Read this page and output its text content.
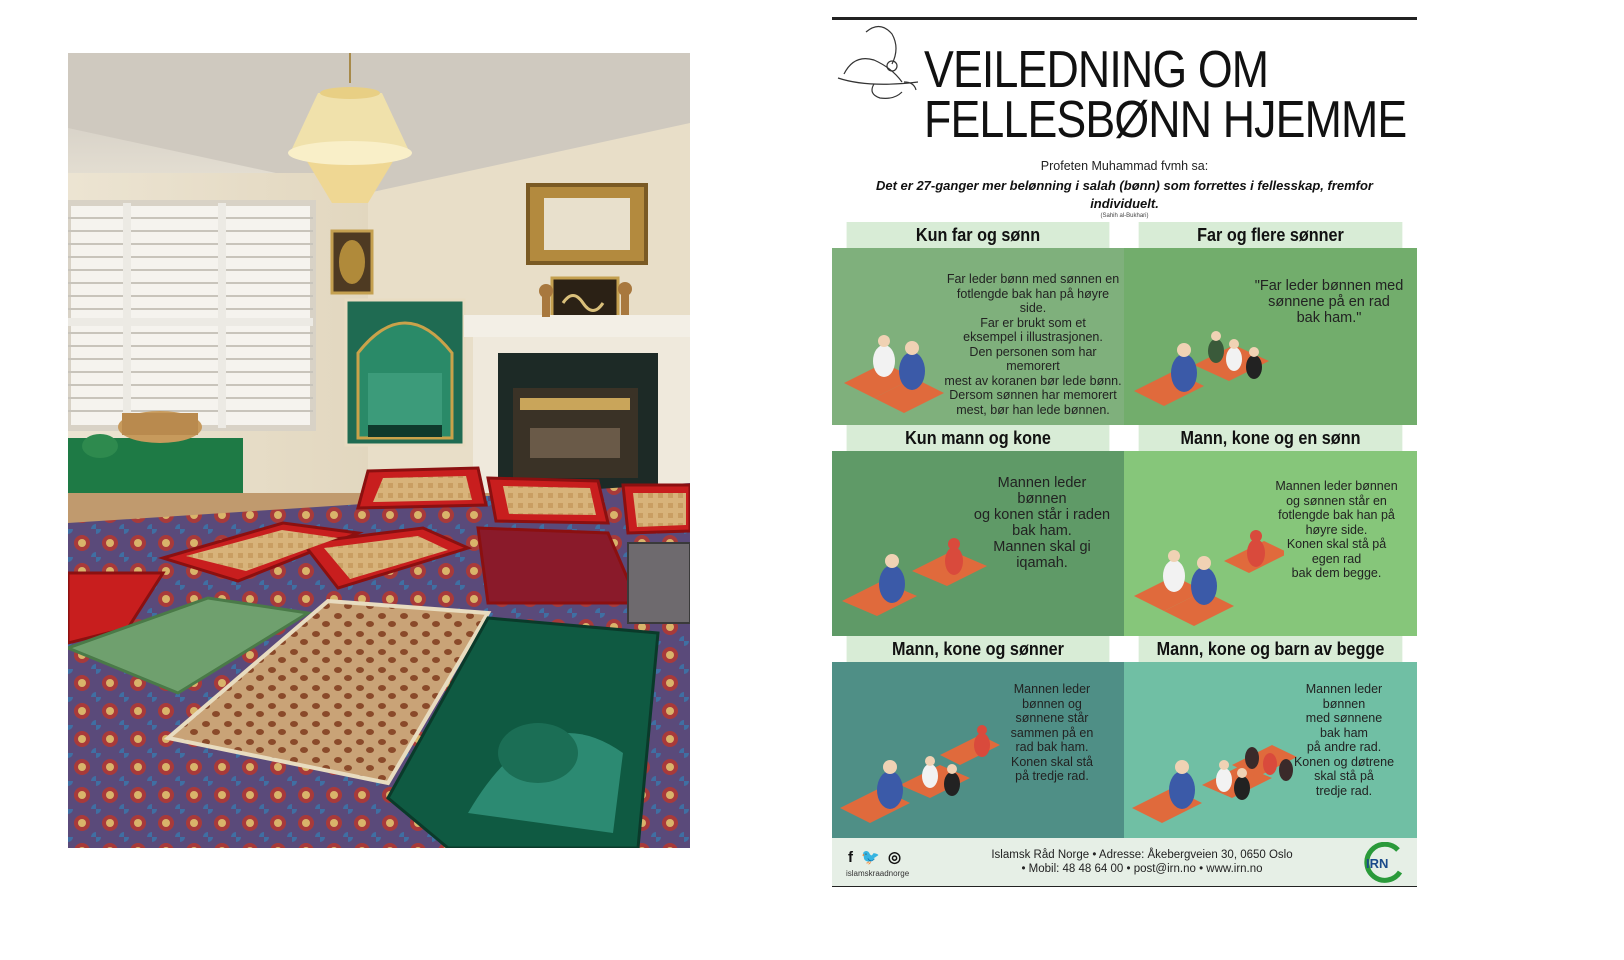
VEILEDNING OM
FELLESBØNN HJEMME
Profeten Muhammad fvmh sa:
Det er 27-ganger mer belønning i salah (bønn) som forrettes i fellesskap, fremfor individuelt.
(Sahih al-Bukhari)
Kun far og sønn
Far leder bønn med sønnen en
fotlengde bak han på høyre side.
Far er brukt som et
eksempel i illustrasjonen.
Den personen som har memorert
mest av koranen bør lede bønn.
Dersom sønnen har memorert
mest, bør han lede bønnen.
Far og flere sønner
"Far leder bønnen med
sønnene på en rad
bak ham."
Kun mann og kone
Mannen leder
bønnen
og konen står i raden
bak ham.
Mannen skal gi
iqamah.
Mann, kone og en sønn
Mannen leder bønnen
og sønnen står en
fotlengde bak han på
høyre side.
Konen skal stå på
egen rad
bak dem begge.
Mann, kone og sønner
Mannen leder
bønnen og
sønnene står
sammen på en
rad bak ham.
Konen skal stå
på tredje rad.
Mann, kone og barn av begge
Mannen leder
bønnen
med sønnene
bak ham
på andre rad.
Konen og døtrene
skal stå på
tredje rad.
f 🐦 ◎
islamskraadnorge
Islamsk Råd Norge • Adresse: Åkebergveien 30, 0650 Oslo
• Mobil: 48 48 64 00 • post@irn.no • www.irn.no	IRN
